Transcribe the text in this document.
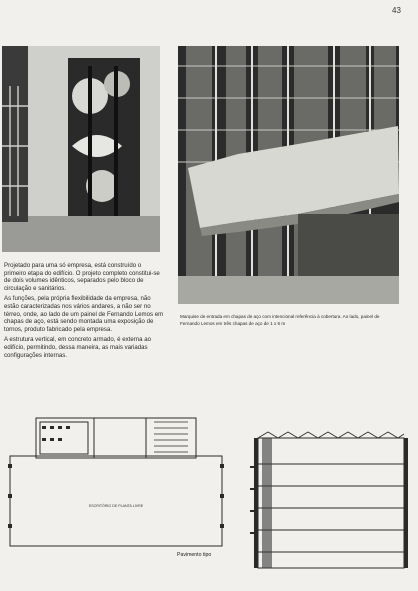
43

Projetado para uma só empresa, está construído o primeiro etapa do edifício. O projeto completo constitui-se de dois volumes idênticos, separados pelo bloco de circulação e sanitários.

As funções, pela própria flexibilidade da empresa, não estão caracterizadas nos vários andares, a não ser no térreo, onde, ao lado de um painel de Fernando Lemos em chapas de aço, está sendo montada uma exposição de tornos, produto fabricado pela empresa.

A estrutura vertical, em concreto armado, é externa ao edifício, permitindo, dessa maneira, as mais variadas configurações internas.

Marquise de entrada em chapas de aço com intencional referência à cobertura. Ao lado, painel de Fernando Lemos em três chapas de aço de 1 x 6 m
ESCRITÓRIO DE PLANTA LIVRE
Pavimento tipo
